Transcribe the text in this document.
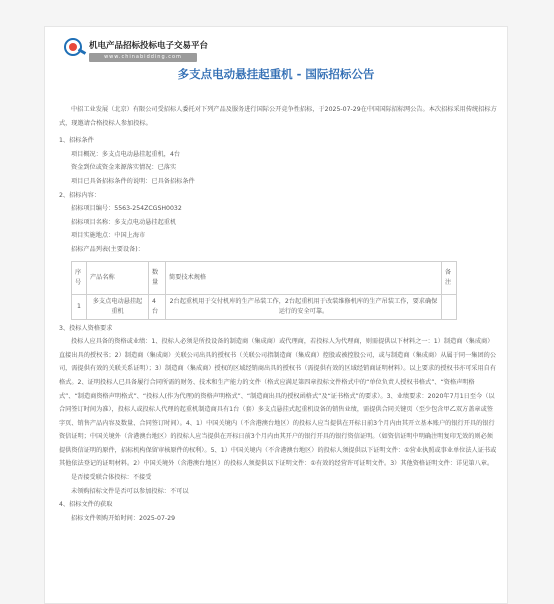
机电产品招标投标电子交易平台
www.chinabidding.com
多支点电动悬挂起重机 - 国际招标公告

中招工业发展（北京）有限公司受招标人委托对下列产品及服务进行国际公开竞争性招标，于2025-07-29在中国国际招标网公告。本次招标采用传统招标方式，现邀请合格投标人参加投标。

1、招标条件

项目概况：多支点电动悬挂起重机，4台

资金到位或资金来源落实情况：已落实

项目已具备招标条件的说明：已具备招标条件

2、招标内容：

招标项目编号：5563-254ZCGSH0032

招标项目名称：多支点电动悬挂起重机

项目实施地点：中国上海市

招标产品列表(主要设备)：

序号	产品名称	数量	简要技术规格	备注
1	多支点电动悬挂起重机	4台	2台起重机用于交付机库的生产吊装工作，2台起重机用于改装维修机库的生产吊装工作，要求确保运行的安全可靠。	

3、投标人资格要求

投标人应具备的资格或业绩：1、投标人必须是所投设备的制造商（集成商）或代理商，若投标人为代理商，则需提供以下材料之一：1）制造商（集成商）直接出具的授权书；2）制造商（集成商）关联公司出具的授权书（关联公司指制造商（集成商）控股或被控股公司，或与制造商（集成商）从属于同一集团的公司，需提供有效的关联关系证明）；3）制造商（集成商）授权的区域经销商出具的授权书（需提供有效的区域经销商证明材料）。以上要求的授权书亦可采用自有格式。2、证明投标人已具备履行合同所需的财务、技术和生产能力的文件（格式应满足第四章投标文件格式中的“单位负责人授权书格式”、“资格声明格式”、“制造商资格声明格式”、“投标人(作为代理)的资格声明格式”、“制造商出具的授权函格式”及“证书格式”的要求）。3、业绩要求：2020年7月1日至今（以合同签订时间为准），投标人或投标人代理的起重机制造商具有1台（套）多支点悬挂式起重机设备的销售业绩，需提供合同关键页（至少包含甲乙双方盖章或签字页、销售产品内容及数量、合同签订时间）。4、1）中国关境内（不含港澳台地区）的投标人应当提供在开标日前3个月内由其开立基本账户的银行开具的银行资信证明；中国关境外（含港澳台地区）的投标人应当提供在开标日前3个月内由其开户的银行开具的银行资信证明。（如资信证明中明确注明复印无效的则必须提供资信证明的原件，招标机构保留审核原件的权利）。5、1）中国关境内（不含港澳台地区）的投标人须提供以下证明文件：①营业执照或事业单位法人证书或其他依法登记的证明材料。2）中国关境外（含港澳台地区）的投标人须提供以下证明文件：①有效的经营许可证明文件。3）其他资格证明文件：详见第八章。

是否接受联合体投标：不接受

未领购招标文件是否可以参加投标：不可以

4、招标文件的获取

招标文件领购开始时间：2025-07-29
